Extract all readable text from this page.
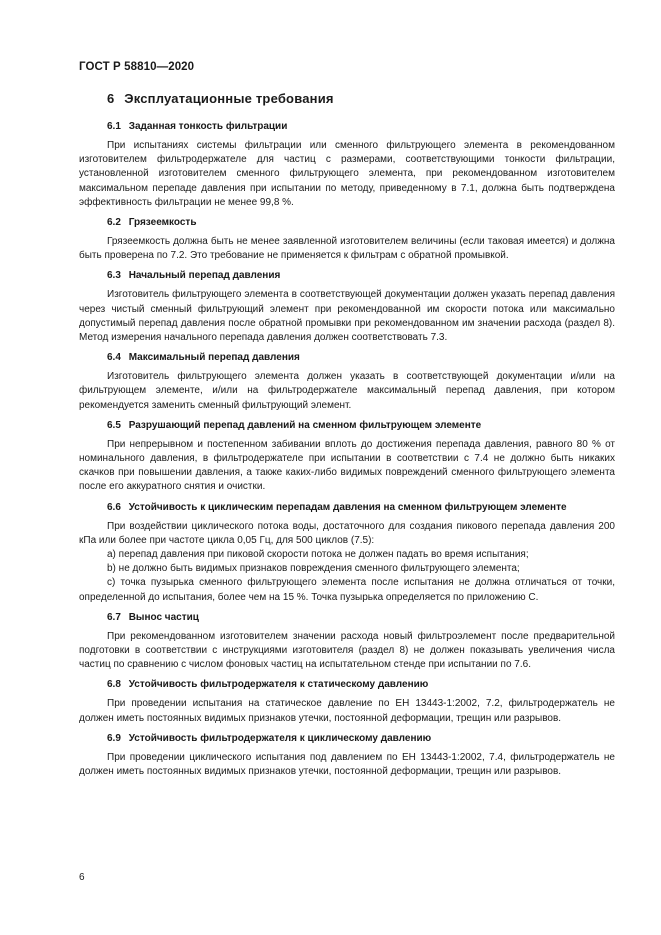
ГОСТ Р 58810—2020
6 Эксплуатационные требования
6.1 Заданная тонкость фильтрации

При испытаниях системы фильтрации или сменного фильтрующего элемента в рекомендованном изготовителем фильтродержателе для частиц с размерами, соответствующими тонкости фильтрации, установленной изготовителем сменного фильтрующего элемента, при рекомендованном изготовителем максимальном перепаде давления при испытании по методу, приведенному в 7.1, должна быть подтверждена эффективность фильтрации не менее 99,8 %.

6.2 Грязеемкость

Грязеемкость должна быть не менее заявленной изготовителем величины (если таковая имеется) и должна быть проверена по 7.2. Это требование не применяется к фильтрам с обратной промывкой.

6.3 Начальный перепад давления

Изготовитель фильтрующего элемента в соответствующей документации должен указать перепад давления через чистый сменный фильтрующий элемент при рекомендованной им скорости потока или максимально допустимый перепад давления после обратной промывки при рекомендованном им значении расхода (раздел 8). Метод измерения начального перепада давления должен соответствовать 7.3.

6.4 Максимальный перепад давления

Изготовитель фильтрующего элемента должен указать в соответствующей документации и/или на фильтрующем элементе, и/или на фильтродержателе максимальный перепад давления, при котором рекомендуется заменить сменный фильтрующий элемент.

6.5 Разрушающий перепад давлений на сменном фильтрующем элементе

При непрерывном и постепенном забивании вплоть до достижения перепада давления, равного 80 % от номинального давления, в фильтродержателе при испытании в соответствии с 7.4 не должно быть никаких скачков при повышении давления, а также каких-либо видимых повреждений сменного фильтрующего элемента после его аккуратного снятия и очистки.

6.6 Устойчивость к циклическим перепадам давления на сменном фильтрующем элементе

При воздействии циклического потока воды, достаточного для создания пикового перепада давления 200 кПа или более при частоте цикла 0,05 Гц, для 500 циклов (7.5):

a) перепад давления при пиковой скорости потока не должен падать во время испытания;

b) не должно быть видимых признаков повреждения сменного фильтрующего элемента;

c) точка пузырька сменного фильтрующего элемента после испытания не должна отличаться от точки, определенной до испытания, более чем на 15 %. Точка пузырька определяется по приложению С.

6.7 Вынос частиц

При рекомендованном изготовителем значении расхода новый фильтроэлемент после предварительной подготовки в соответствии с инструкциями изготовителя (раздел 8) не должен показывать увеличения числа частиц по сравнению с числом фоновых частиц на испытательном стенде при испытании по 7.6.

6.8 Устойчивость фильтродержателя к статическому давлению

При проведении испытания на статическое давление по ЕН 13443-1:2002, 7.2, фильтродержатель не должен иметь постоянных видимых признаков утечки, постоянной деформации, трещин или разрывов.

6.9 Устойчивость фильтродержателя к циклическому давлению

При проведении циклического испытания под давлением по ЕН 13443-1:2002, 7.4, фильтродержатель не должен иметь постоянных видимых признаков утечки, постоянной деформации, трещин или разрывов.

6
